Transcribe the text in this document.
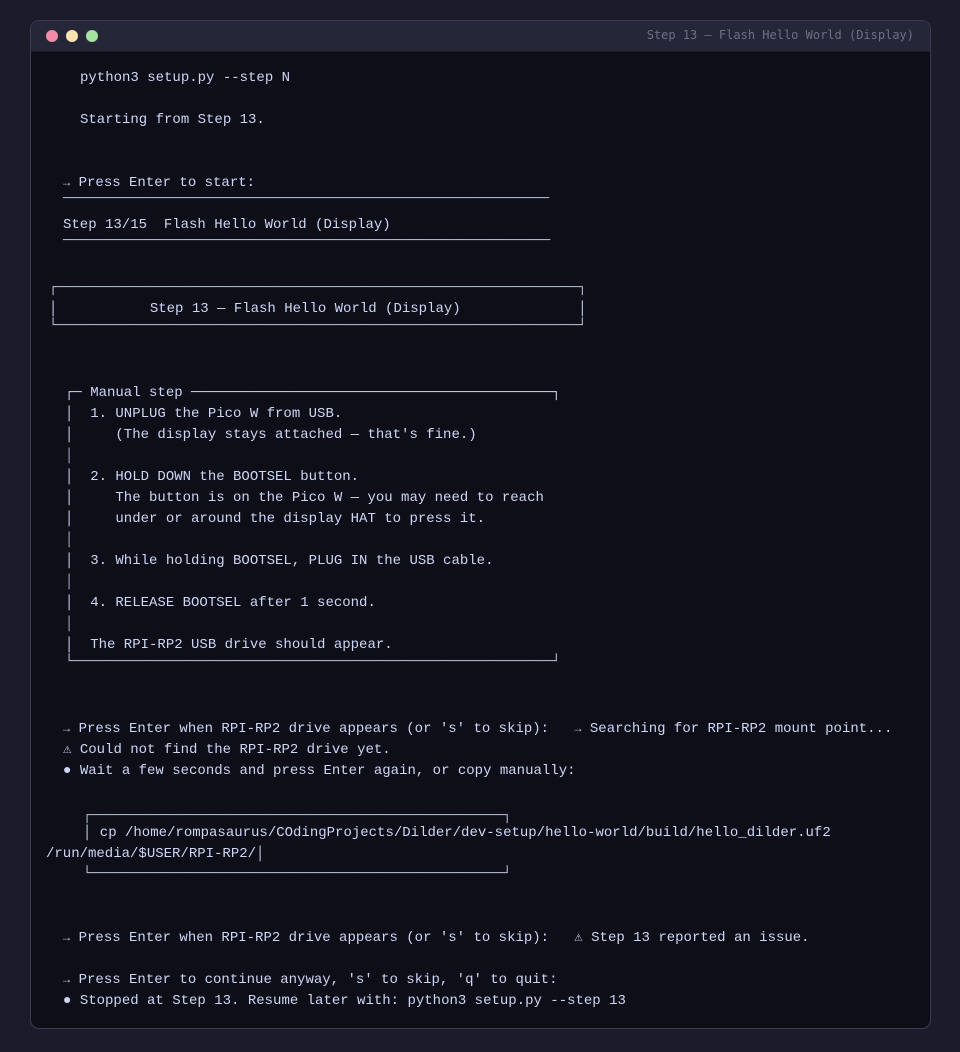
Step 13 — Flash Hello World (Display)
python3 setup.py --step N
Starting from Step 13.
→ Press Enter to start:
──────────────────────────────────────────────────────────
Step 13/15  Flash Hello World (Display)
──────────────────────────────────────────────────────────
┌──────────────────────────────────────────────────────────────┐
│           Step 13 — Flash Hello World (Display)              │
└──────────────────────────────────────────────────────────────┘
┌─ Manual step ───────────────────────────────────────────┐
│  1. UNPLUG the Pico W from USB.
│     (The display stays attached — that's fine.)
│
│  2. HOLD DOWN the BOOTSEL button.
│     The button is on the Pico W — you may need to reach
│     under or around the display HAT to press it.
│
│  3. While holding BOOTSEL, PLUG IN the USB cable.
│
│  4. RELEASE BOOTSEL after 1 second.
│
│  The RPI-RP2 USB drive should appear.
└─────────────────────────────────────────────────────────┘
→ Press Enter when RPI-RP2 drive appears (or 's' to skip):   → Searching for RPI-RP2 mount point...
⚠ Could not find the RPI-RP2 drive yet.
● Wait a few seconds and press Enter again, or copy manually:
┌─────────────────────────────────────────────────┐
│ cp /home/rompasaurus/COdingProjects/Dilder/dev-setup/hello-world/build/hello_dilder.uf2
/run/media/$USER/RPI-RP2/│
└─────────────────────────────────────────────────┘
→ Press Enter when RPI-RP2 drive appears (or 's' to skip):   ⚠ Step 13 reported an issue.
→ Press Enter to continue anyway, 's' to skip, 'q' to quit:
● Stopped at Step 13. Resume later with: python3 setup.py --step 13
